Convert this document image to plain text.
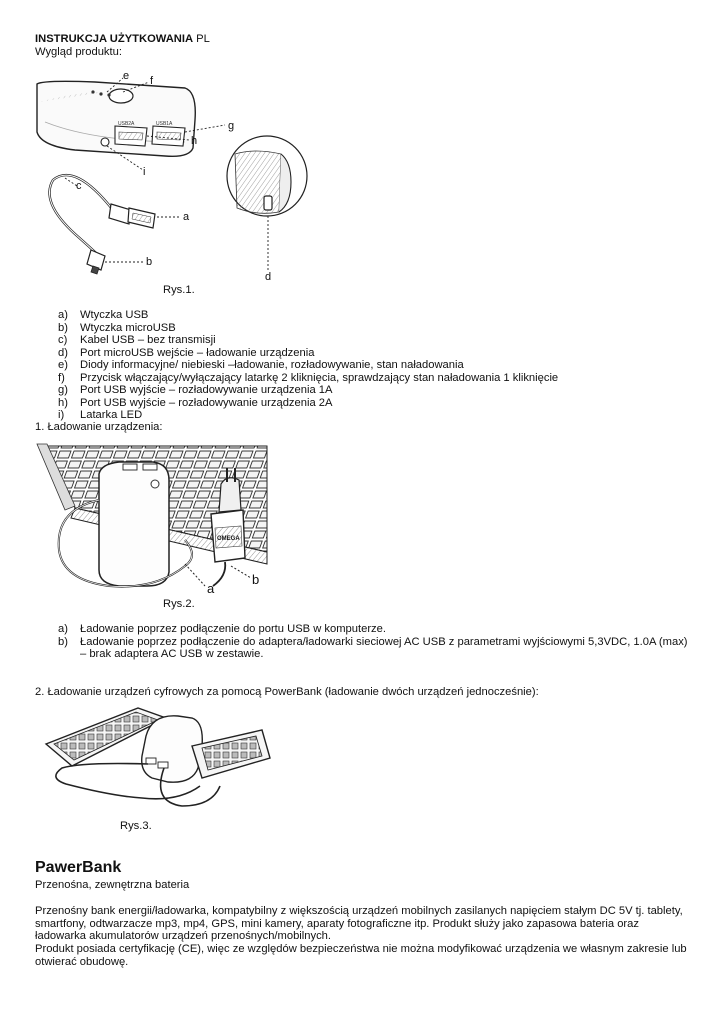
INSTRUKCJA UŻYTKOWANIA PL
Wygląd produktu:
USB2A	USB1A
e f
g
h
i
c
a
b
d
Rys.1.
a) Wtyczka USB
b) Wtyczka microUSB
c) Kabel USB – bez transmisji
d) Port microUSB wejście – ładowanie urządzenia
e) Diody informacyjne/ niebieski –ładowanie, rozładowywanie, stan naładowania
f) Przycisk włączający/wyłączający latarkę 2 kliknięcia, sprawdzający stan naładowania 1 kliknięcie
g) Port USB wyjście – rozładowywanie urządzenia 1A
h) Port USB wyjście – rozładowywanie urządzenia 2A
i) Latarka LED
1. Ładowanie urządzenia:
OMEGA
a
b
Rys.2.
a) Ładowanie poprzez podłączenie do portu USB w komputerze.
b) Ładowanie poprzez podłączenie do adaptera/ładowarki sieciowej AC USB z parametrami wyjściowymi 5,3VDC, 1.0A (max)
– brak adaptera AC USB w zestawie.
2. Ładowanie urządzeń cyfrowych za pomocą PowerBank (ładowanie dwóch urządzeń jednocześnie):
Rys.3.
PawerBank
Przenośna, zewnętrzna bateria
Przenośny bank energii/ładowarka, kompatybilny z większością urządzeń mobilnych zasilanych napięciem stałym DC 5V tj. tablety,
smartfony, odtwarzacze mp3, mp4, GPS, mini kamery, aparaty fotograficzne itp. Produkt służy jako zapasowa bateria oraz
ładowarka akumulatorów urządzeń przenośnych/mobilnych.
Produkt posiada certyfikację (CE), więc ze względów bezpieczeństwa nie można modyfikować urządzenia we własnym zakresie lub
otwierać obudowę.
